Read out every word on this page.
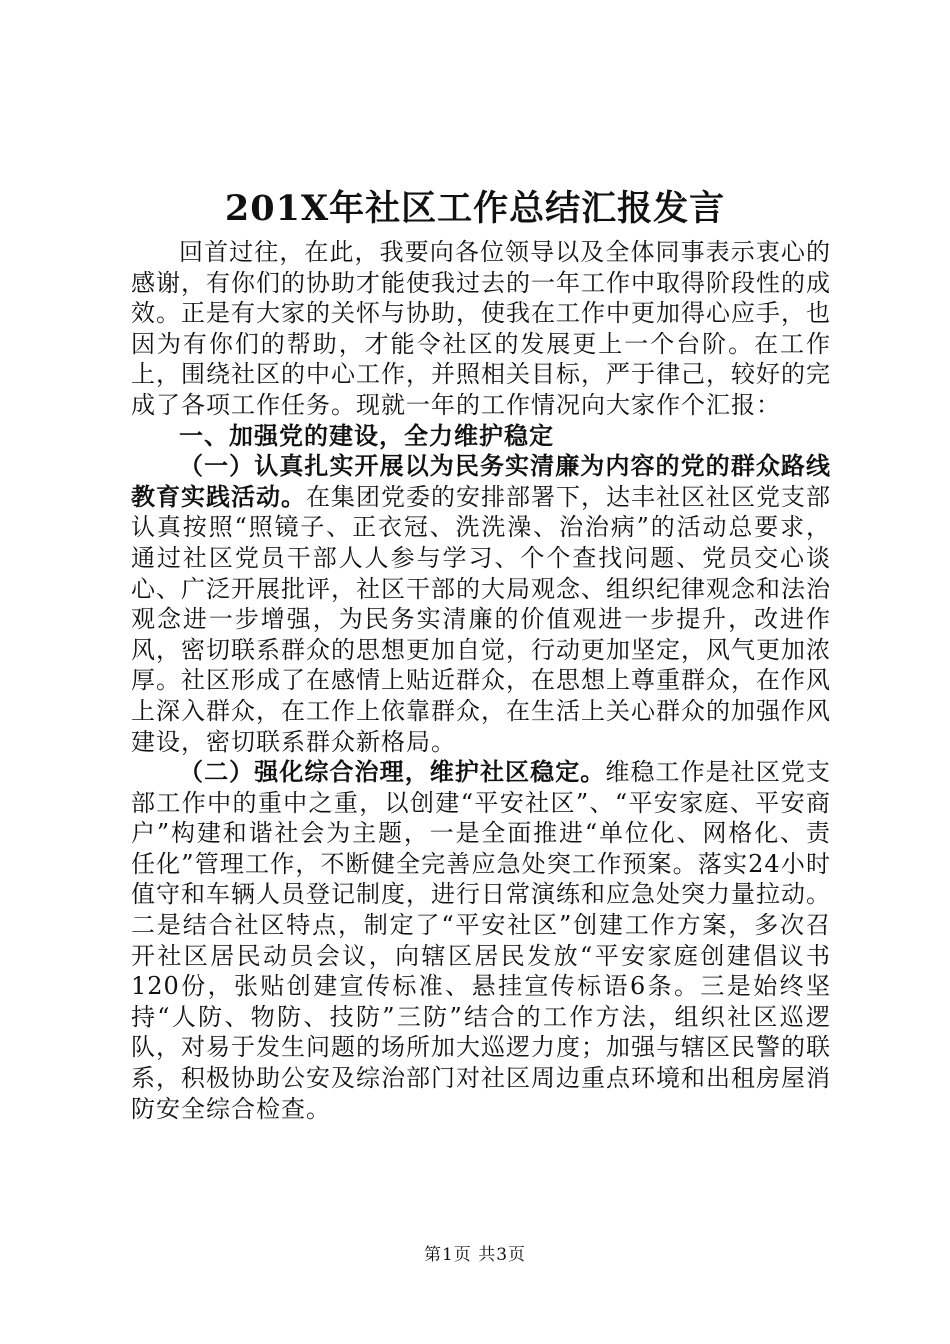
201X年社区工作总结汇报发言

回首过往，在此，我要向各位领导以及全体同事表示衷心的感谢，有你们的协助才能使我过去的一年工作中取得阶段性的成效。正是有大家的关怀与协助，使我在工作中更加得心应手，也因为有你们的帮助，才能令社区的发展更上一个台阶。在工作上，围绕社区的中心工作，并照相关目标，严于律己，较好的完成了各项工作任务。现就一年的工作情况向大家作个汇报：

一、加强党的建设，全力维护稳定

（一）认真扎实开展以为民务实清廉为内容的党的群众路线教育实践活动。在集团党委的安排部署下，达丰社区社区党支部认真按照“照镜子、正衣冠、洗洗澡、治治病”的活动总要求，通过社区党员干部人人参与学习、个个查找问题、党员交心谈心、广泛开展批评，社区干部的大局观念、组织纪律观念和法治观念进一步增强，为民务实清廉的价值观进一步提升，改进作风，密切联系群众的思想更加自觉，行动更加坚定，风气更加浓厚。社区形成了在感情上贴近群众，在思想上尊重群众，在作风上深入群众，在工作上依靠群众，在生活上关心群众的加强作风建设，密切联系群众新格局。

（二）强化综合治理，维护社区稳定。维稳工作是社区党支部工作中的重中之重，以创建“平安社区”、“平安家庭、平安商户”构建和谐社会为主题，一是全面推进“单位化、网格化、责任化”管理工作，不断健全完善应急处突工作预案。落实24小时值守和车辆人员登记制度，进行日常演练和应急处突力量拉动。二是结合社区特点，制定了“平安社区”创建工作方案，多次召开社区居民动员会议，向辖区居民发放“平安家庭创建倡议书120份，张贴创建宣传标准、悬挂宣传标语6条。三是始终坚持“人防、物防、技防”三防”结合的工作方法，组织社区巡逻队，对易于发生问题的场所加大巡逻力度；加强与辖区民警的联系，积极协助公安及综治部门对社区周边重点环境和出租房屋消防安全综合检查。

第1页 共3页
